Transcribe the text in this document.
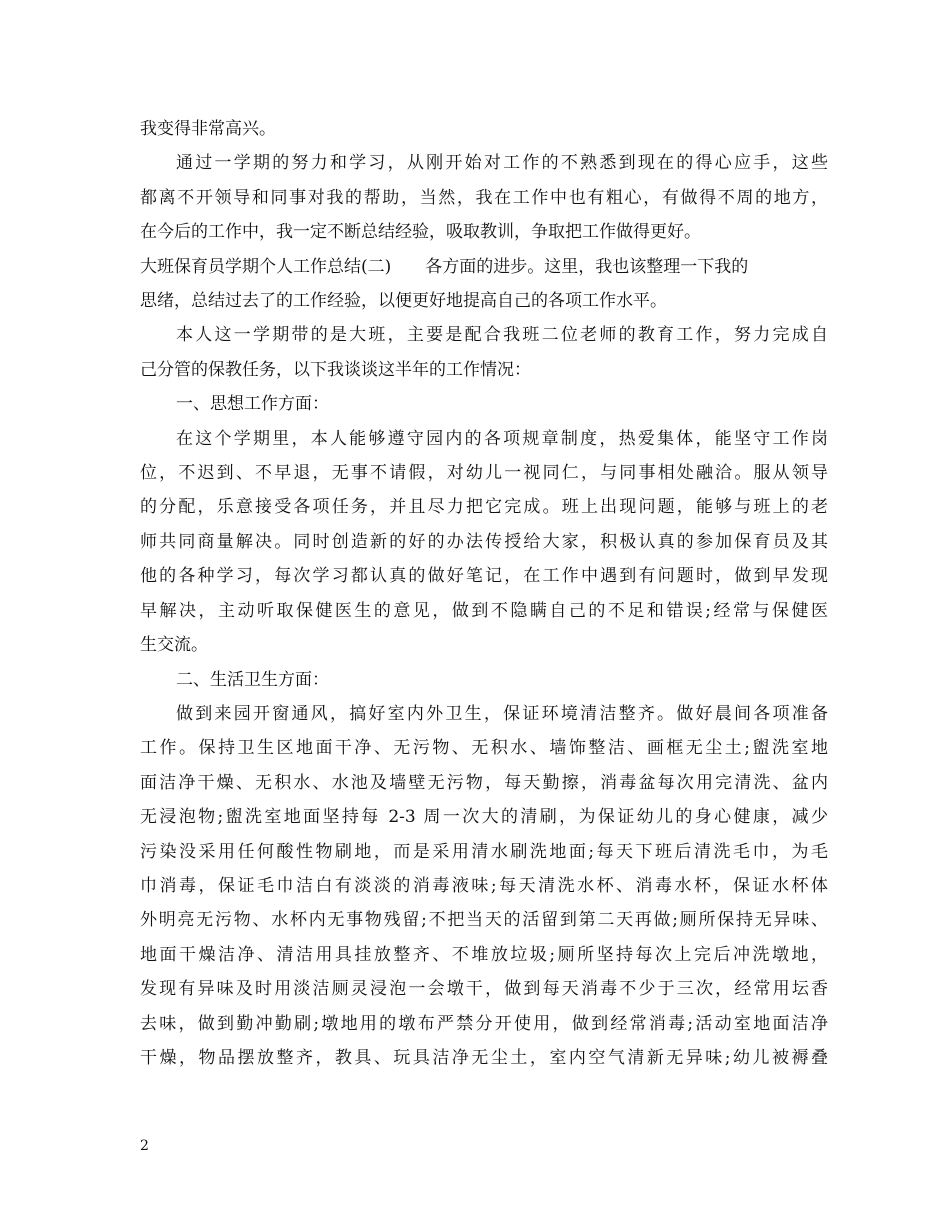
我变得非常高兴。
通过一学期的努力和学习，从刚开始对工作的不熟悉到现在的得心应手，这些
都离不开领导和同事对我的帮助，当然，我在工作中也有粗心，有做得不周的地方，
在今后的工作中，我一定不断总结经验，吸取教训，争取把工作做得更好。
大班保育员学期个人工作总结(二)　　各方面的进步。这里，我也该整理一下我的
思绪，总结过去了的工作经验，以便更好地提高自己的各项工作水平。
本人这一学期带的是大班，主要是配合我班二位老师的教育工作，努力完成自
己分管的保教任务，以下我谈谈这半年的工作情况：
一、思想工作方面：
在这个学期里，本人能够遵守园内的各项规章制度，热爱集体，能坚守工作岗
位，不迟到、不早退，无事不请假，对幼儿一视同仁，与同事相处融洽。服从领导
的分配，乐意接受各项任务，并且尽力把它完成。班上出现问题，能够与班上的老
师共同商量解决。同时创造新的好的办法传授给大家，积极认真的参加保育员及其
他的各种学习，每次学习都认真的做好笔记，在工作中遇到有问题时，做到早发现
早解决，主动听取保健医生的意见，做到不隐瞒自己的不足和错误;经常与保健医
生交流。
二、生活卫生方面：
做到来园开窗通风，搞好室内外卫生，保证环境清洁整齐。做好晨间各项准备
工作。保持卫生区地面干净、无污物、无积水、墙饰整洁、画框无尘土;盥洗室地
面洁净干燥、无积水、水池及墙壁无污物，每天勤擦，消毒盆每次用完清洗、盆内
无浸泡物;盥洗室地面坚持每 2-3 周一次大的清刷，为保证幼儿的身心健康，减少
污染没采用任何酸性物刷地，而是采用清水刷洗地面;每天下班后清洗毛巾，为毛
巾消毒，保证毛巾洁白有淡淡的消毒液味;每天清洗水杯、消毒水杯，保证水杯体
外明亮无污物、水杯内无事物残留;不把当天的活留到第二天再做;厕所保持无异味、
地面干燥洁净、清洁用具挂放整齐、不堆放垃圾;厕所坚持每次上完后冲洗墩地，
发现有异味及时用淡洁厕灵浸泡一会墩干，做到每天消毒不少于三次，经常用坛香
去味，做到勤冲勤刷;墩地用的墩布严禁分开使用，做到经常消毒;活动室地面洁净
干燥，物品摆放整齐，教具、玩具洁净无尘土，室内空气清新无异味;幼儿被褥叠
2
